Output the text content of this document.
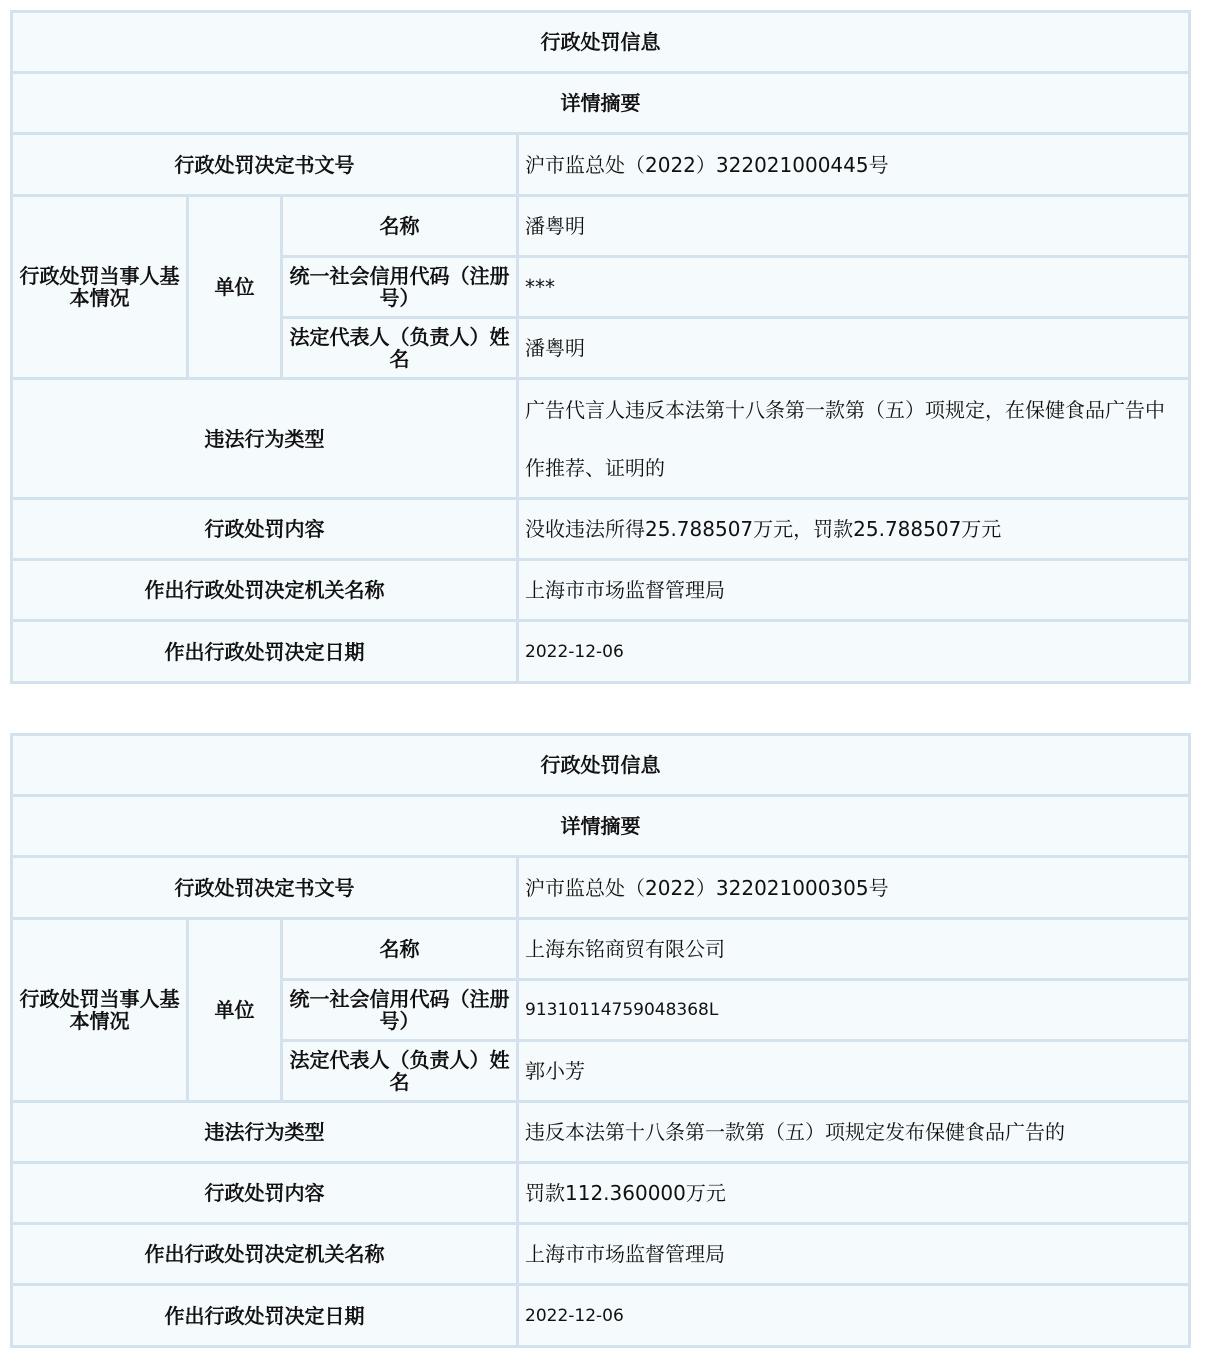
行政处罚信息			
详情摘要			
行政处罚决定书文号			沪市监总处（2022）322021000445号
行政处罚当事人基本情况	单位	名称	潘粤明
		统一社会信用代码（注册号）	***
		法定代表人（负责人）姓名	潘粤明
违法行为类型			广告代言人违反本法第十八条第一款第（五）项规定，在保健食品广告中作推荐、证明的
行政处罚内容			没收违法所得25.788507万元，罚款25.788507万元
作出行政处罚决定机关名称			上海市市场监督管理局
作出行政处罚决定日期			2022-12-06
行政处罚信息			
详情摘要			
行政处罚决定书文号			沪市监总处（2022）322021000305号
行政处罚当事人基本情况	单位	名称	上海东铭商贸有限公司
		统一社会信用代码（注册号）	91310114759048368L
		法定代表人（负责人）姓名	郭小芳
违法行为类型			违反本法第十八条第一款第（五）项规定发布保健食品广告的
行政处罚内容			罚款112.360000万元
作出行政处罚决定机关名称			上海市市场监督管理局
作出行政处罚决定日期			2022-12-06
